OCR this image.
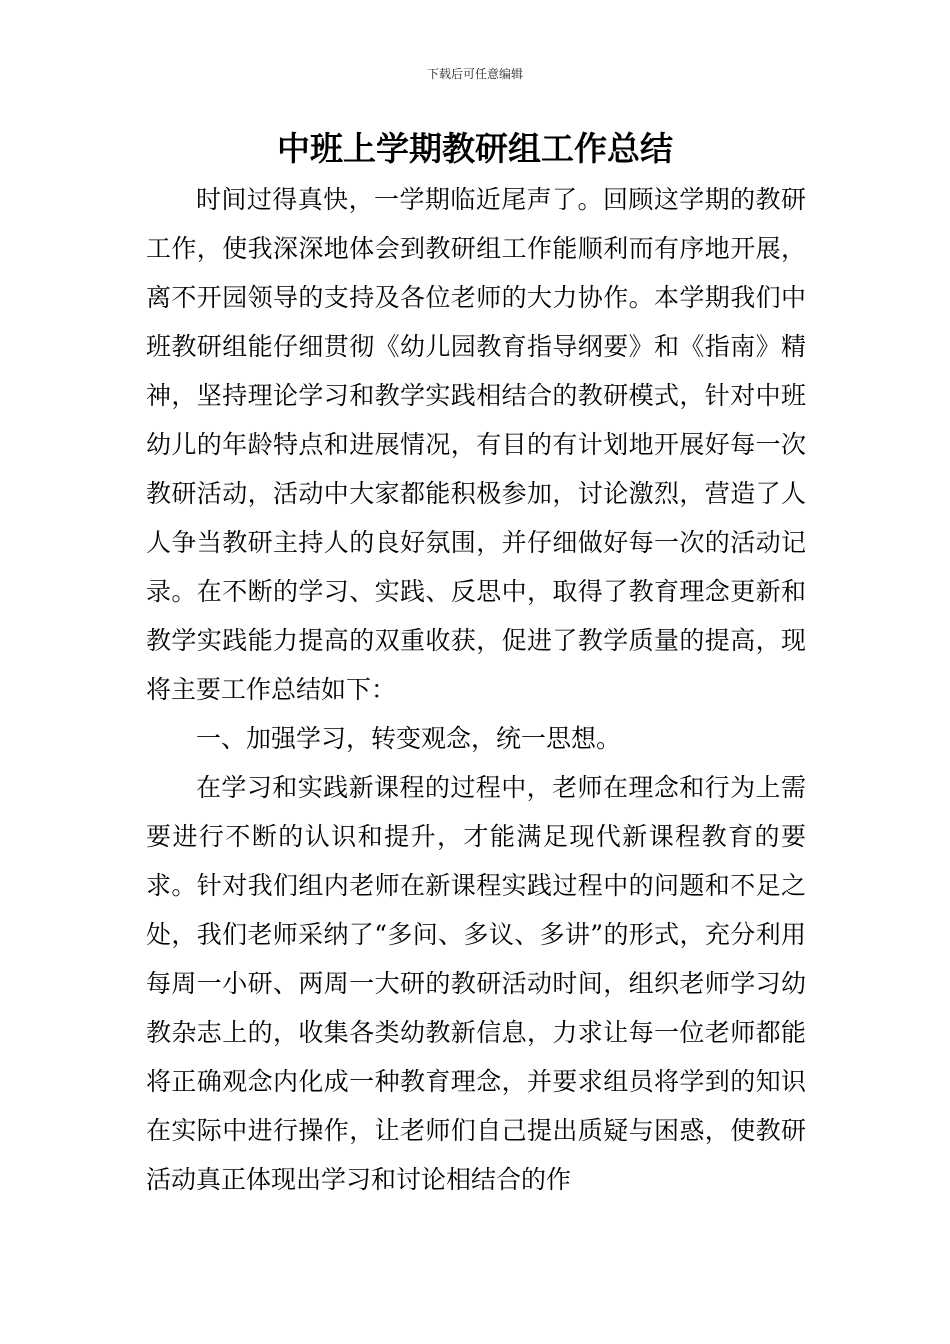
下载后可任意编辑
中班上学期教研组工作总结

时间过得真快，一学期临近尾声了。回顾这学期的教研工作，使我深深地体会到教研组工作能顺利而有序地开展，离不开园领导的支持及各位老师的大力协作。本学期我们中班教研组能仔细贯彻《幼儿园教育指导纲要》和《指南》精神，坚持理论学习和教学实践相结合的教研模式，针对中班幼儿的年龄特点和进展情况，有目的有计划地开展好每一次教研活动，活动中大家都能积极参加，讨论激烈，营造了人人争当教研主持人的良好氛围，并仔细做好每一次的活动记录。在不断的学习、实践、反思中，取得了教育理念更新和教学实践能力提高的双重收获，促进了教学质量的提高，现将主要工作总结如下：

一、加强学习，转变观念，统一思想。

在学习和实践新课程的过程中，老师在理念和行为上需要进行不断的认识和提升，才能满足现代新课程教育的要求。针对我们组内老师在新课程实践过程中的问题和不足之处，我们老师采纳了“多问、多议、多讲”的形式，充分利用每周一小研、两周一大研的教研活动时间，组织老师学习幼教杂志上的，收集各类幼教新信息，力求让每一位老师都能将正确观念内化成一种教育理念，并要求组员将学到的知识在实际中进行操作，让老师们自己提出质疑与困惑，使教研活动真正体现出学习和讨论相结合的作
